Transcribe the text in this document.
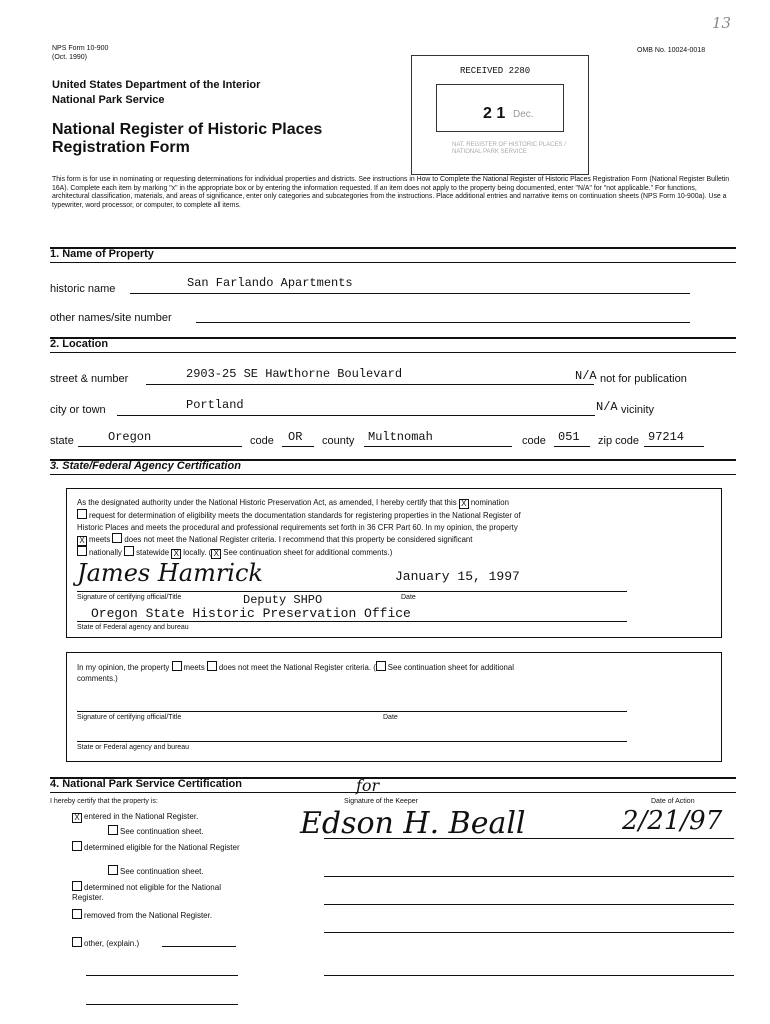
13
NPS Form 10-900
(Oct. 1990)
OMB No. 10024-0018
United States Department of the Interior
National Park Service
National Register of Historic Places
Registration Form
RECEIVED 2280
2 1 Dec.
NAT. REGISTER OF HISTORIC PLACES / NATIONAL PARK SERVICE
This form is for use in nominating or requesting determinations for individual properties and districts. See instructions in How to Complete the National Register of Historic Places Registration Form (National Register Bulletin 16A). Complete each item by marking "x" in the appropriate box or by entering the information requested. If an item does not apply to the property being documented, enter "N/A" for "not applicable." For functions, architectural classification, materials, and areas of significance, enter only categories and subcategories from the instructions. Place additional entries and narrative items on continuation sheets (NPS Form 10-900a). Use a typewriter, word processor, or computer, to complete all items.
1. Name of Property
historic name	San Farlando Apartments
other names/site number
2. Location
street & number	2903-25 SE Hawthorne Boulevard	N/A not for publication
city or town	Portland	N/A vicinity
state	Oregon	code OR county Multnomah	code 051 zip code 97214
3. State/Federal Agency Certification
As the designated authority under the National Historic Preservation Act, as amended, I hereby certify that this X nomination
request for determination of eligibility meets the documentation standards for registering properties in the National Register of
Historic Places and meets the procedural and professional requirements set forth in 36 CFR Part 60. In my opinion, the property
X meets does not meet the National Register criteria. I recommend that this property be considered significant
nationally statewide X locally. ( X See continuation sheet for additional comments.)
James Hamrick	January 15, 1997
Signature of certifying official/Title	Deputy SHPO	Date
Oregon State Historic Preservation Office
State of Federal agency and bureau
In my opinion, the property meets does not meet the National Register criteria. ( See continuation sheet for additional
comments.)
Signature of certifying official/Title	Date
State or Federal agency and bureau
4. National Park Service Certification
I hereby certify that the property is:
for
Signature of the Keeper	Date of Action
Edson H. Beall	2/21/97
X entered in the National Register.
See continuation sheet.
determined eligible for the National Register
See continuation sheet.
determined not eligible for the National Register.
removed from the National Register.
other, (explain.)
